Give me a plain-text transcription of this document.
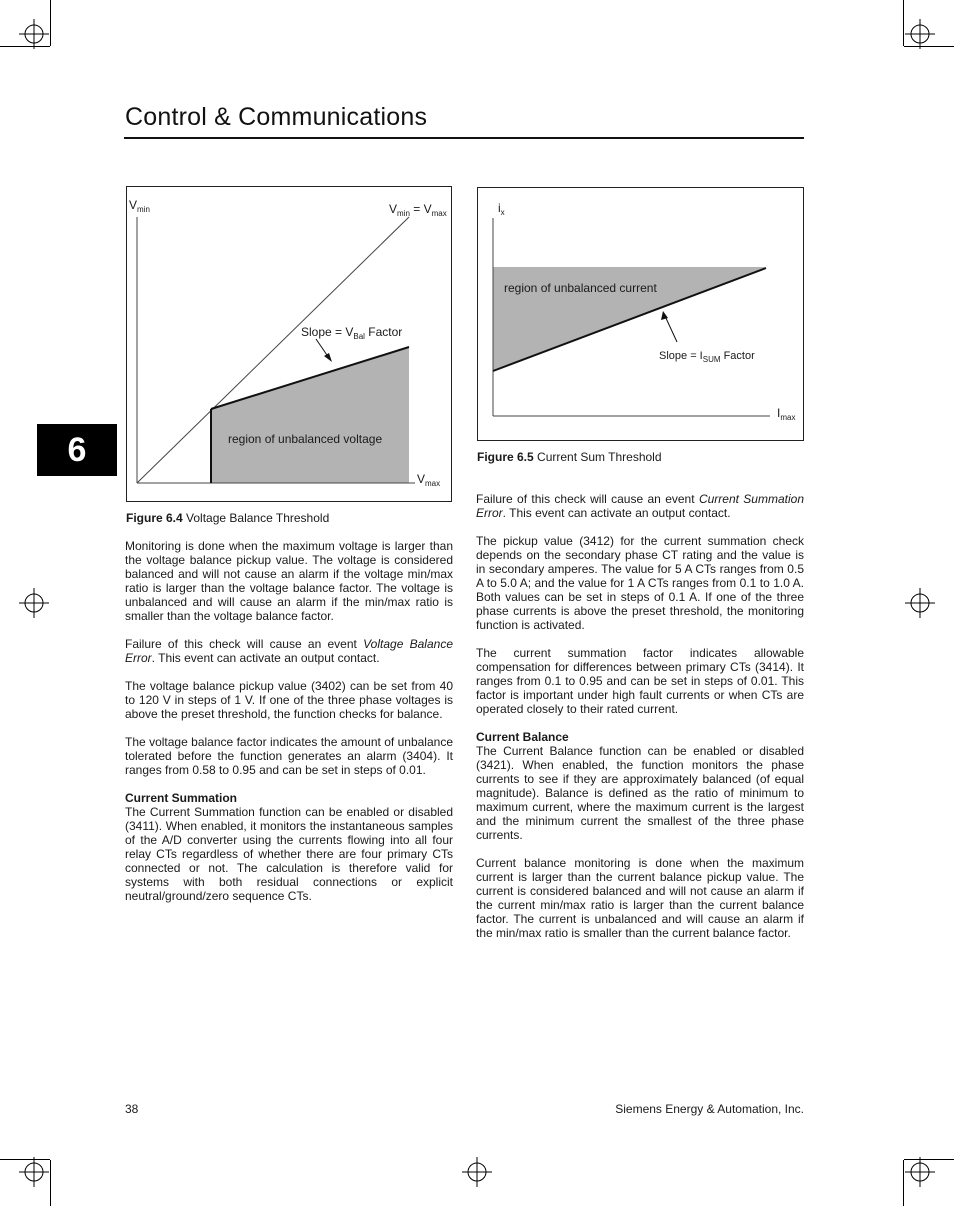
Control & Communications
6
$V_{min}$	$V_{min} = V_{max}$
Slope = $V_{Bal}$ Factor
region of unbalanced voltage
$V_{max}$
Figure 6.4 Voltage Balance Threshold
$i_x$
region of unbalanced current
Slope = $I_{SUM}$ Factor
$I_{max}$
Figure 6.5 Current Sum Threshold

Monitoring is done when the maximum voltage is larger than the voltage balance pickup value. The voltage is considered balanced and will not cause an alarm if the voltage min/max ratio is larger than the voltage balance factor. The voltage is unbalanced and will cause an alarm if the min/max ratio is smaller than the voltage balance factor.

Failure of this check will cause an event Voltage Balance Error. This event can activate an output contact.

The voltage balance pickup value (3402) can be set from 40 to 120 V in steps of 1 V. If one of the three phase voltages is above the preset threshold, the function checks for balance.

The voltage balance factor indicates the amount of unbalance tolerated before the function generates an alarm (3404). It ranges from 0.58 to 0.95 and can be set in steps of 0.01.

Current Summation

The Current Summation function can be enabled or disabled (3411). When enabled, it monitors the instantaneous samples of the A/D converter using the currents flowing into all four relay CTs regardless of whether there are four primary CTs connected or not. The calculation is therefore valid for systems with both residual connections or explicit neutral/ground/zero sequence CTs.

Failure of this check will cause an event Current Summation Error. This event can activate an output contact.

The pickup value (3412) for the current summation check depends on the secondary phase CT rating and the value is in secondary amperes. The value for 5 A CTs ranges from 0.5 A to 5.0 A; and the value for 1 A CTs ranges from 0.1 to 1.0 A. Both values can be set in steps of 0.1 A. If one of the three phase currents is above the preset threshold, the monitoring function is activated.

The current summation factor indicates allowable compensation for differences between primary CTs (3414). It ranges from 0.1 to 0.95 and can be set in steps of 0.01. This factor is important under high fault currents or when CTs are operated closely to their rated current.

Current Balance

The Current Balance function can be enabled or disabled (3421). When enabled, the function monitors the phase currents to see if they are approximately balanced (of equal magnitude). Balance is defined as the ratio of minimum to maximum current, where the maximum current is the largest and the minimum current the smallest of the three phase currents.

Current balance monitoring is done when the maximum current is larger than the current balance pickup value. The current is considered balanced and will not cause an alarm if the current min/max ratio is larger than the current balance factor. The current is unbalanced and will cause an alarm if the min/max ratio is smaller than the current balance factor.

38	Siemens Energy & Automation, Inc.
